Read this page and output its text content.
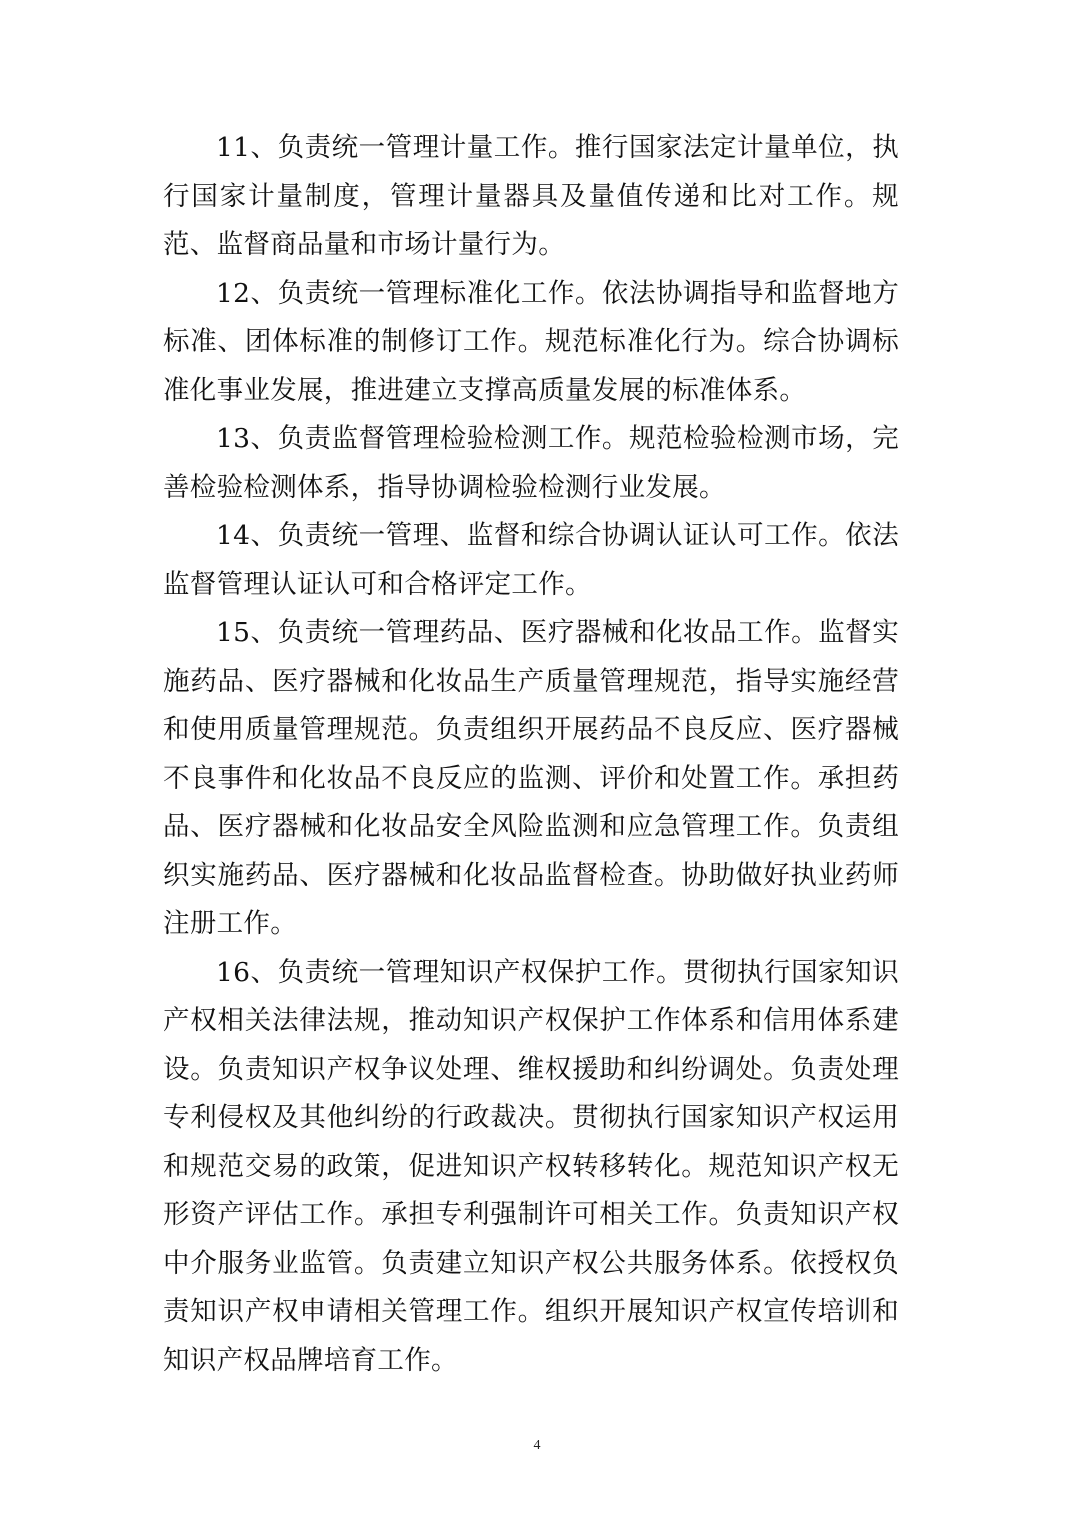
11、负责统一管理计量工作。推行国家法定计量单位，执行国家计量制度，管理计量器具及量值传递和比对工作。规范、监督商品量和市场计量行为。

12、负责统一管理标准化工作。依法协调指导和监督地方标准、团体标准的制修订工作。规范标准化行为。综合协调标准化事业发展，推进建立支撑高质量发展的标准体系。

13、负责监督管理检验检测工作。规范检验检测市场，完善检验检测体系，指导协调检验检测行业发展。

14、负责统一管理、监督和综合协调认证认可工作。依法监督管理认证认可和合格评定工作。

15、负责统一管理药品、医疗器械和化妆品工作。监督实施药品、医疗器械和化妆品生产质量管理规范，指导实施经营和使用质量管理规范。负责组织开展药品不良反应、医疗器械不良事件和化妆品不良反应的监测、评价和处置工作。承担药品、医疗器械和化妆品安全风险监测和应急管理工作。负责组织实施药品、医疗器械和化妆品监督检查。协助做好执业药师注册工作。

16、负责统一管理知识产权保护工作。贯彻执行国家知识产权相关法律法规，推动知识产权保护工作体系和信用体系建设。负责知识产权争议处理、维权援助和纠纷调处。负责处理专利侵权及其他纠纷的行政裁决。贯彻执行国家知识产权运用和规范交易的政策，促进知识产权转移转化。规范知识产权无形资产评估工作。承担专利强制许可相关工作。负责知识产权中介服务业监管。负责建立知识产权公共服务体系。依授权负责知识产权申请相关管理工作。组织开展知识产权宣传培训和知识产权品牌培育工作。

4
